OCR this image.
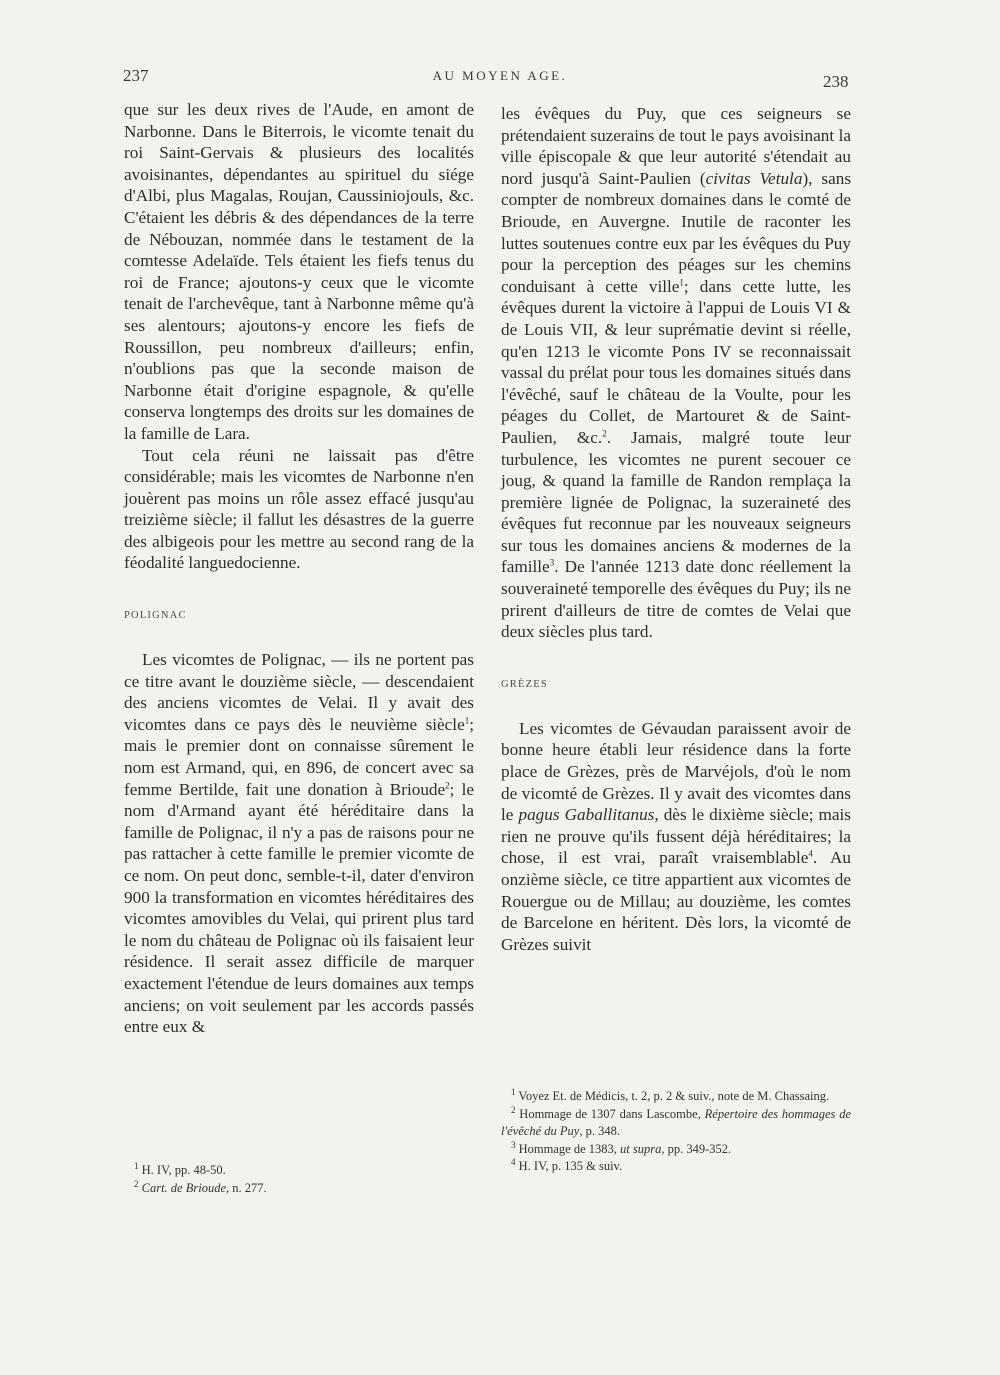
237	AU MOYEN AGE.	238

que sur les deux rives de l'Aude, en amont de Narbonne. Dans le Biterrois, le vicomte tenait du roi Saint-Gervais & plusieurs des localités avoisinantes, dépendantes au spirituel du siége d'Albi, plus Magalas, Roujan, Caussiniojouls, &c. C'étaient les débris & des dépendances de la terre de Nébouzan, nommée dans le testament de la comtesse Adelaïde. Tels étaient les fiefs tenus du roi de France; ajoutons-y ceux que le vicomte tenait de l'archevêque, tant à Narbonne même qu'à ses alentours; ajoutons-y encore les fiefs de Roussillon, peu nombreux d'ailleurs; enfin, n'oublions pas que la seconde maison de Narbonne était d'origine espagnole, & qu'elle conserva longtemps des droits sur les domaines de la famille de Lara.

Tout cela réuni ne laissait pas d'être considérable; mais les vicomtes de Narbonne n'en jouèrent pas moins un rôle assez effacé jusqu'au treizième siècle; il fallut les désastres de la guerre des albigeois pour les mettre au second rang de la féodalité languedocienne.

POLIGNAC

Les vicomtes de Polignac, — ils ne portent pas ce titre avant le douzième siècle, — descendaient des anciens vicomtes de Velai. Il y avait des vicomtes dans ce pays dès le neuvième siècle$^1$; mais le premier dont on connaisse sûrement le nom est Armand, qui, en 896, de concert avec sa femme Bertilde, fait une donation à Brioude$^2$; le nom d'Armand ayant été héréditaire dans la famille de Polignac, il n'y a pas de raisons pour ne pas rattacher à cette famille le premier vicomte de ce nom. On peut donc, semble-t-il, dater d'environ 900 la transformation en vicomtes héréditaires des vicomtes amovibles du Velai, qui prirent plus tard le nom du château de Polignac où ils faisaient leur résidence. Il serait assez difficile de marquer exactement l'étendue de leurs domaines aux temps anciens; on voit seulement par les accords passés entre eux &

$^1$ H. IV, pp. 48-50.

$^2$ Cart. de Brioude, n. 277.

les évêques du Puy, que ces seigneurs se prétendaient suzerains de tout le pays avoisinant la ville épiscopale & que leur autorité s'étendait au nord jusqu'à Saint-Paulien (civitas Vetula), sans compter de nombreux domaines dans le comté de Brioude, en Auvergne. Inutile de raconter les luttes soutenues contre eux par les évêques du Puy pour la perception des péages sur les chemins conduisant à cette ville$^1$; dans cette lutte, les évêques durent la victoire à l'appui de Louis VI & de Louis VII, & leur suprématie devint si réelle, qu'en 1213 le vicomte Pons IV se reconnaissait vassal du prélat pour tous les domaines situés dans l'évêché, sauf le château de la Voulte, pour les péages du Collet, de Martouret & de Saint-Paulien, &c.$^2$. Jamais, malgré toute leur turbulence, les vicomtes ne purent secouer ce joug, & quand la famille de Randon remplaça la première lignée de Polignac, la suzeraineté des évêques fut reconnue par les nouveaux seigneurs sur tous les domaines anciens & modernes de la famille$^3$. De l'année 1213 date donc réellement la souveraineté temporelle des évêques du Puy; ils ne prirent d'ailleurs de titre de comtes de Velai que deux siècles plus tard.

GRÈZES

Les vicomtes de Gévaudan paraissent avoir de bonne heure établi leur résidence dans la forte place de Grèzes, près de Marvéjols, d'où le nom de vicomté de Grèzes. Il y avait des vicomtes dans le pagus Gaballitanus, dès le dixième siècle; mais rien ne prouve qu'ils fussent déjà héréditaires; la chose, il est vrai, paraît vraisemblable$^4$. Au onzième siècle, ce titre appartient aux vicomtes de Rouergue ou de Millau; au douzième, les comtes de Barcelone en héritent. Dès lors, la vicomté de Grèzes suivit

$^1$ Voyez Et. de Médicis, t. 2, p. 2 & suiv., note de M. Chassaing.

$^2$ Hommage de 1307 dans Lascombe, Répertoire des hommages de l'évêché du Puy, p. 348.

$^3$ Hommage de 1383, ut supra, pp. 349-352.

$^4$ H. IV, p. 135 & suiv.
